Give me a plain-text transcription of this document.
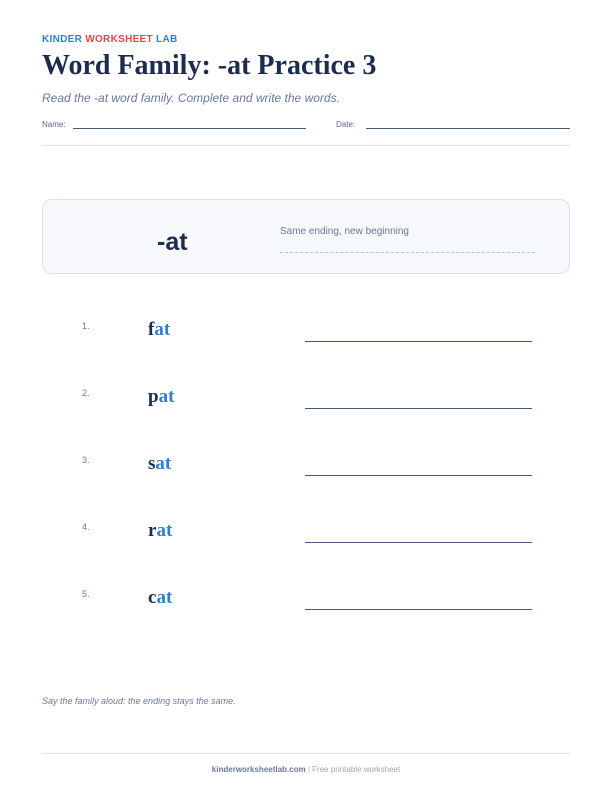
KINDER WORKSHEET LAB
Word Family: -at Practice 3
Read the -at word family. Complete and write the words.
Name:	Date:
-at	Same ending, new beginning
1.	fat
2.	pat
3.	sat
4.	rat
5.	cat
Say the family aloud: the ending stays the same.
kinderworksheetlab.com | Free printable worksheet
